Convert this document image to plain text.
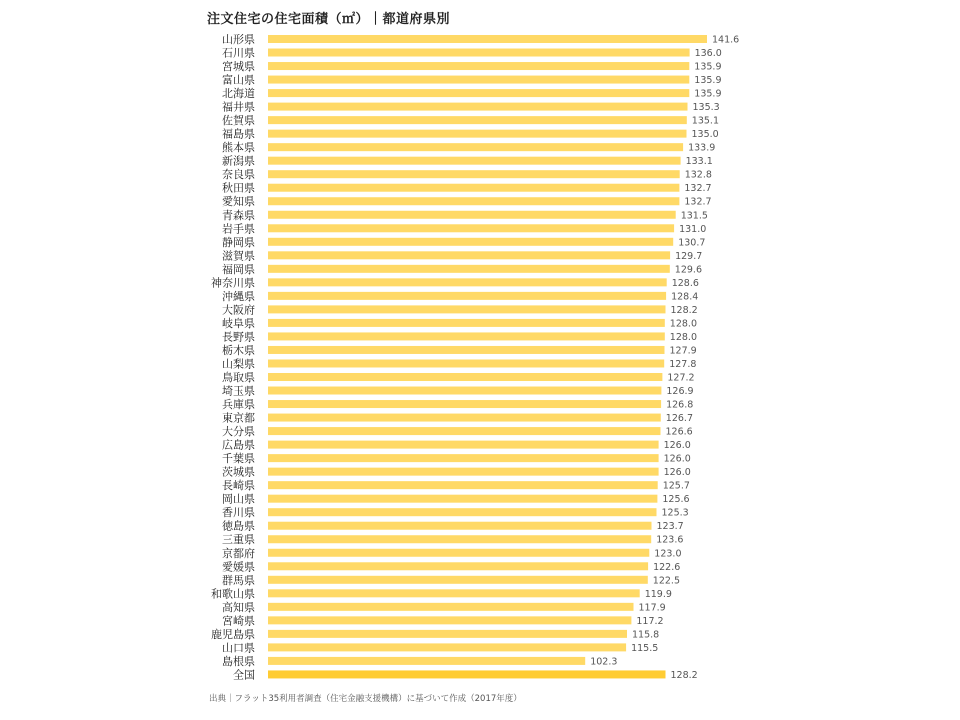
注文住宅の住宅面積（㎡）｜都道府県別
山形県
石川県
宮城県
富山県
北海道
福井県
佐賀県
福島県
熊本県
新潟県
奈良県
秋田県
愛知県
青森県
岩手県
静岡県
滋賀県
福岡県
神奈川県
沖縄県
大阪府
岐阜県
長野県
栃木県
山梨県
鳥取県
埼玉県
兵庫県
東京都
大分県
広島県
千葉県
茨城県
長崎県
岡山県
香川県
徳島県
三重県
京都府
愛媛県
群馬県
和歌山県
高知県
宮崎県
鹿児島県
山口県
島根県
全国
141.6
136.0
135.9
135.9
135.9
135.3
135.1
135.0
133.9
133.1
132.8
132.7
132.7
131.5
131.0
130.7
129.7
129.6
128.6
128.4
128.2
128.0
128.0
127.9
127.8
127.2
126.9
126.8
126.7
126.6
126.0
126.0
126.0
125.7
125.6
125.3
123.7
123.6
123.0
122.6
122.5
119.9
117.9
117.2
115.8
115.5
102.3
128.2

出典｜フラット35利用者調査（住宅金融支援機構）に基づいて作成（2017年度）
